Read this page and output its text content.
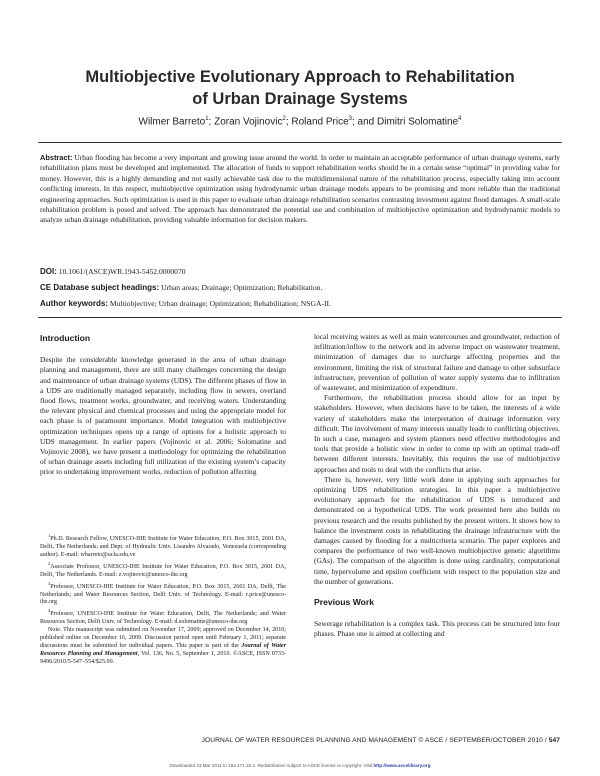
Multiobjective Evolutionary Approach to Rehabilitation
of Urban Drainage Systems
Wilmer Barreto$^1$; Zoran Vojinovic$^2$; Roland Price$^3$; and Dimitri Solomatine$^4$
Abstract: Urban flooding has become a very important and growing issue around the world. In order to maintain an acceptable performance of urban drainage systems, early rehabilitation plans must be developed and implemented. The allocation of funds to support rehabilitation works should be in a certain sense “optimal” in providing value for money. However, this is a highly demanding and not easily achievable task due to the multidimensional nature of the rehabilitation process, especially taking into account conflicting interests. In this respect, multiobjective optimization using hydrodynamic urban drainage models appears to be promising and more reliable than the traditional engineering approaches. Such optimization is used in this paper to evaluate urban drainage rehabilitation scenarios contrasting investment against flood damages. A small-scale rehabilitation problem is posed and solved. The approach has demonstrated the potential use and combination of multiobjective optimization and hydrodynamic models to analyze urban drainage rehabilitation, providing valuable information for decision makers.
DOI: 10.1061/(ASCE)WR.1943-5452.0000070
CE Database subject headings: Urban areas; Drainage; Optimization; Rehabilitation.
Author keywords: Multiobjective; Urban drainage; Optimization; Rehabilitation; NSGA-II.
Introduction

Despite the considerable knowledge generated in the area of urban drainage planning and management, there are still many challenges concerning the design and maintenance of urban drainage systems (UDS). The different phases of flow in a UDS are traditionally managed separately, including flow in sewers, overland flood flows, treatment works, groundwater, and receiving waters. Understanding the relevant physical and chemical processes and using the appropriate model for each phase is of paramount importance. Model integration with multiobjective optimization techniques opens up a range of options for a holistic approach to UDS management. In earlier papers (Vojinovic et al. 2006; Solomatine and Vojinovic 2008), we have present a methodology for optimizing the rehabilitation of urban drainage assets including full utilization of the existing system’s capacity prior to undertaking improvement works, reduction of pollution affecting

$^1$Ph.D. Research Fellow, UNESCO-IHE Institute for Water Education, P.O. Box 3015, 2601 DA, Delft, The Netherlands; and Dept. of Hydraulic Univ. Lisandro Alvarado, Venezuela (corresponding author). E-mail: wbarreto@ucla.edu.ve

$^2$Associate Professor, UNESCO-IHE Institute for Water Education, P.O. Box 3015, 2601 DA, Delft, The Netherlands. E-mail: z.vojinovic@unesco-ihe.org

$^3$Professor, UNESCO-IHE Institute for Water Education, P.O. Box 3015, 2601 DA, Delft, The Netherlands; and Water Resources Section, Delft Univ. of Technology. E-mail: r.price@unesco-ihe.org

$^4$Professor, UNESCO-IHE Institute for Water Education, Delft, The Netherlands; and Water Resources Section, Delft Univ. of Technology. E-mail: d.solomatine@unesco-ihe.org

Note. This manuscript was submitted on November 17, 2009; approved on December 14, 2010; published online on December 16, 2009. Discussion period open until February 1, 2011; separate discussions must be submitted for individual papers. This paper is part of the Journal of Water Resources Planning and Management, Vol. 136, No. 5, September 1, 2010. ©ASCE, ISSN 0733-9496/2010/5-547–554/$25.00.

local receiving waters as well as main watercourses and groundwater, reduction of infiltration/inflow to the network and its adverse impact on wastewater treatment, minimization of damages due to surcharge affecting properties and the environment, limiting the risk of structural failure and damage to other subsurface infrastructure, prevention of pollution of water supply systems due to infiltration of wastewater, and minimization of expenditure.

Furthermore, the rehabilitation process should allow for an input by stakeholders. However, when decisions have to be taken, the interests of a wide variety of stakeholders make the interpretation of drainage information very difficult. The involvement of many interests usually leads to conflicting objectives. In such a case, managers and system planners need effective methodologies and tools that provide a holistic view in order to come up with an optimal trade-off between different interests. Inevitably, this requires the use of multiobjective approaches and tools to deal with the conflicts that arise.

There is, however, very little work done in applying such approaches for optimizing UDS rehabilitation strategies. In this paper a multiobjective evolutionary approach for the rehabilitation of UDS is introduced and demonstrated on a hypothetical UDS. The work presented here also builds on previous research and the results published by the present writers. It shows how to balance the investment costs in rehabilitating the drainage infrastructure with the damages caused by flooding for a multicriteria scenario. The paper explores and compares the performance of two well-known multiobjective genetic algorithms (GAs). The comparison of the algorithm is done using cardinality, computational time, hypervolume and epsilon coefficient with respect to the population size and the number of generations.

Previous Work

Sewerage rehabilitation is a complex task. This process can be structured into four phases. Phase one is aimed at collecting and

JOURNAL OF WATER RESOURCES PLANNING AND MANAGEMENT © ASCE / SEPTEMBER/OCTOBER 2010 / 547
Downloaded 23 Mar 2011 to 194.171.26.2. Redistribution subject to ASCE license or copyright. Visit http://www.ascelibrary.org
